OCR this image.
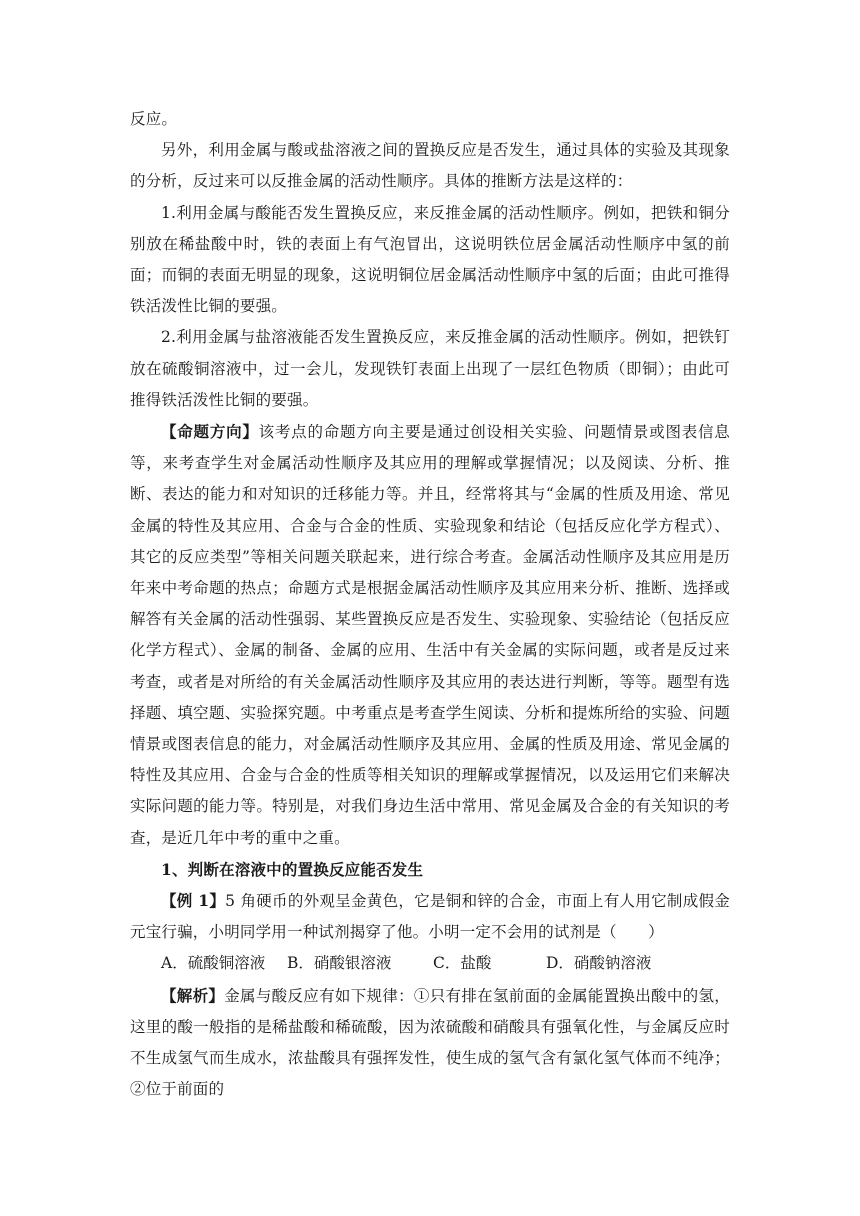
反应。

另外，利用金属与酸或盐溶液之间的置换反应是否发生，通过具体的实验及其现象的分析，反过来可以反推金属的活动性顺序。具体的推断方法是这样的：

1.利用金属与酸能否发生置换反应，来反推金属的活动性顺序。例如，把铁和铜分别放在稀盐酸中时，铁的表面上有气泡冒出，这说明铁位居金属活动性顺序中氢的前面；而铜的表面无明显的现象，这说明铜位居金属活动性顺序中氢的后面；由此可推得铁活泼性比铜的要强。

2.利用金属与盐溶液能否发生置换反应，来反推金属的活动性顺序。例如，把铁钉放在硫酸铜溶液中，过一会儿，发现铁钉表面上出现了一层红色物质（即铜）；由此可推得铁活泼性比铜的要强。

【命题方向】该考点的命题方向主要是通过创设相关实验、问题情景或图表信息等，来考查学生对金属活动性顺序及其应用的理解或掌握情况；以及阅读、分析、推断、表达的能力和对知识的迁移能力等。并且，经常将其与“金属的性质及用途、常见金属的特性及其应用、合金与合金的性质、实验现象和结论（包括反应化学方程式）、其它的反应类型”等相关问题关联起来，进行综合考查。金属活动性顺序及其应用是历年来中考命题的热点；命题方式是根据金属活动性顺序及其应用来分析、推断、选择或解答有关金属的活动性强弱、某些置换反应是否发生、实验现象、实验结论（包括反应化学方程式）、金属的制备、金属的应用、生活中有关金属的实际问题，或者是反过来考查，或者是对所给的有关金属活动性顺序及其应用的表达进行判断，等等。题型有选择题、填空题、实验探究题。中考重点是考查学生阅读、分析和提炼所给的实验、问题情景或图表信息的能力，对金属活动性顺序及其应用、金属的性质及用途、常见金属的特性及其应用、合金与合金的性质等相关知识的理解或掌握情况，以及运用它们来解决实际问题的能力等。特别是，对我们身边生活中常用、常见金属及合金的有关知识的考查，是近几年中考的重中之重。

1、判断在溶液中的置换反应能否发生

【例 1】5 角硬币的外观呈金黄色，它是铜和锌的合金，市面上有人用它制成假金元宝行骗，小明同学用一种试剂揭穿了他。小明一定不会用的试剂是（　　）

A．硫酸铜溶液	B．硝酸银溶液	C．盐酸	D．硝酸钠溶液

【解析】金属与酸反应有如下规律：①只有排在氢前面的金属能置换出酸中的氢，这里的酸一般指的是稀盐酸和稀硫酸，因为浓硫酸和硝酸具有强氧化性，与金属反应时不生成氢气而生成水，浓盐酸具有强挥发性，使生成的氢气含有氯化氢气体而不纯净；②位于前面的
